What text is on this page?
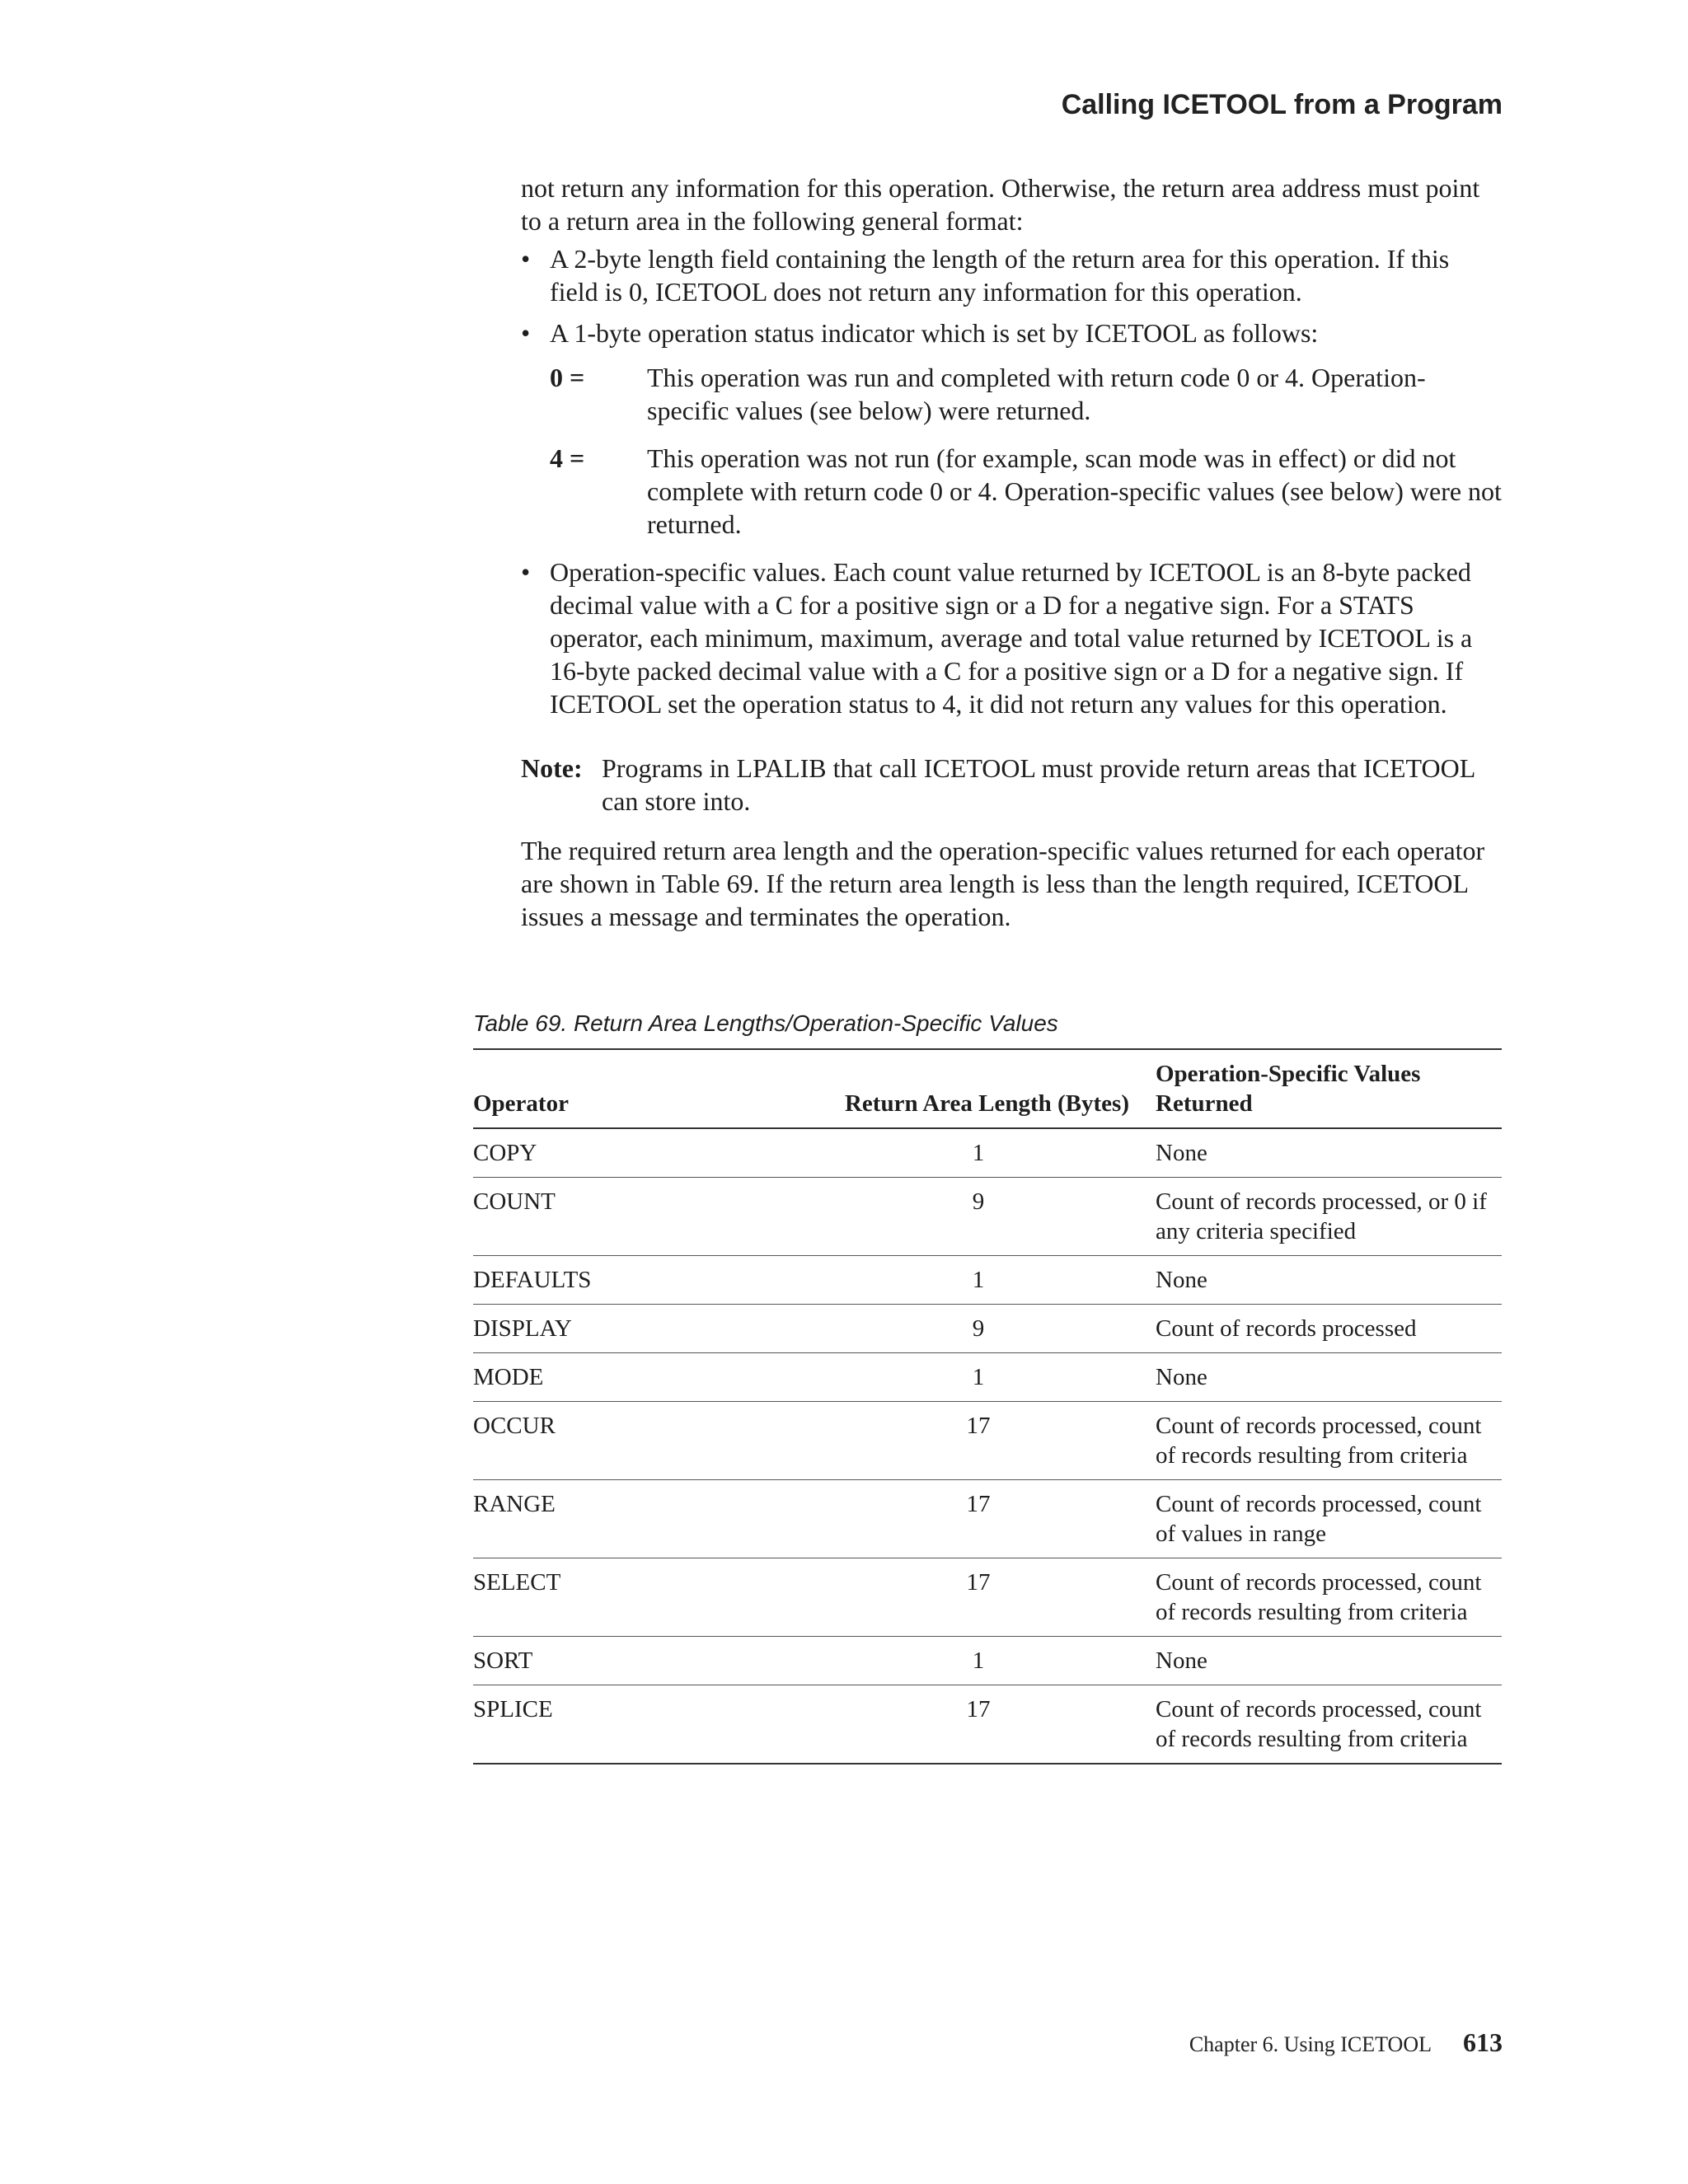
Calling ICETOOL from a Program

not return any information for this operation. Otherwise, the return area address must point to a return area in the following general format:

• A 2-byte length field containing the length of the return area for this operation. If this field is 0, ICETOOL does not return any information for this operation.
• A 1-byte operation status indicator which is set by ICETOOL as follows:
0 =	This operation was run and completed with return code 0 or 4. Operation-specific values (see below) were returned.
4 =	This operation was not run (for example, scan mode was in effect) or did not complete with return code 0 or 4. Operation-specific values (see below) were not returned.
• Operation-specific values. Each count value returned by ICETOOL is an 8-byte packed decimal value with a C for a positive sign or a D for a negative sign. For a STATS operator, each minimum, maximum, average and total value returned by ICETOOL is a 16-byte packed decimal value with a C for a positive sign or a D for a negative sign. If ICETOOL set the operation status to 4, it did not return any values for this operation.
Note: Programs in LPALIB that call ICETOOL must provide return areas that ICETOOL can store into.

The required return area length and the operation-specific values returned for each operator are shown in Table 69. If the return area length is less than the length required, ICETOOL issues a message and terminates the operation.

Table 69. Return Area Lengths/Operation-Specific Values

Operator	Return Area Length (Bytes)	Operation-Specific Values Returned
COPY	1	None
COUNT	9	Count of records processed, or 0 if any criteria specified
DEFAULTS	1	None
DISPLAY	9	Count of records processed
MODE	1	None
OCCUR	17	Count of records processed, count of records resulting from criteria
RANGE	17	Count of records processed, count of values in range
SELECT	17	Count of records processed, count of records resulting from criteria
SORT	1	None
SPLICE	17	Count of records processed, count of records resulting from criteria
Chapter 6. Using ICETOOL 613
